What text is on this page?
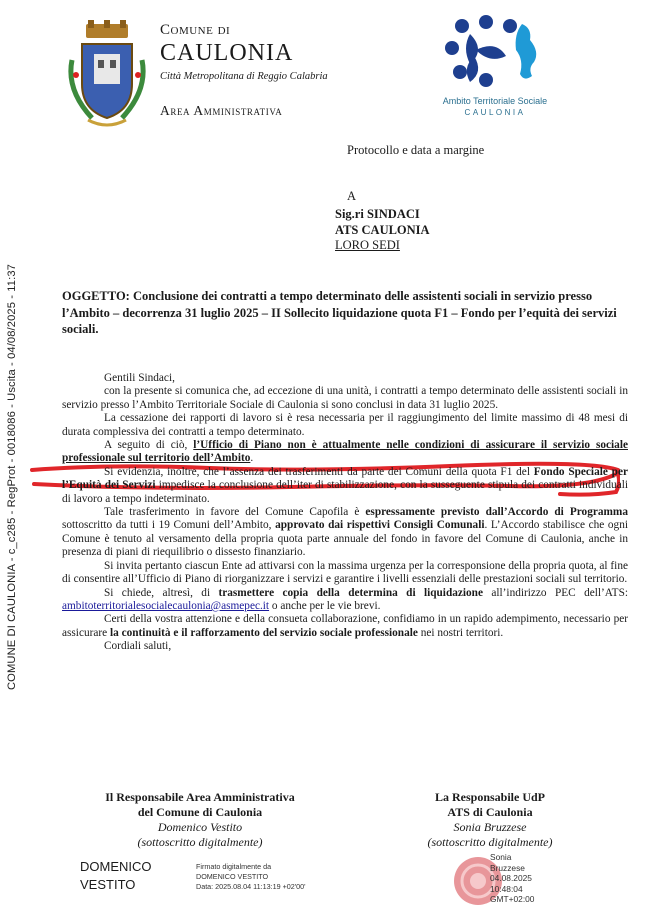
COMUNE DI CAULONIA - c_c285 - RegProt - 0018086 - Uscita - 04/08/2025 - 11:37
Comune di
CAULONIA
Città Metropolitana di Reggio Calabria
Area Amministrativa
Ambito Territoriale Sociale
CAULONIA
Protocollo e data a margine
A
Sig.ri SINDACI
ATS CAULONIA
LORO SEDI
OGGETTO: Conclusione dei contratti a tempo determinato delle assistenti sociali in servizio presso l’Ambito – decorrenza 31 luglio 2025 – II Sollecito liquidazione quota F1 – Fondo per l’equità dei servizi sociali.

Gentili Sindaci,

con la presente si comunica che, ad eccezione di una unità, i contratti a tempo determinato delle assistenti sociali in servizio presso l’Ambito Territoriale Sociale di Caulonia si sono conclusi in data 31 luglio 2025.

La cessazione dei rapporti di lavoro si è resa necessaria per il raggiungimento del limite massimo di 48 mesi di durata complessiva dei contratti a tempo determinato.

A seguito di ciò, l’Ufficio di Piano non è attualmente nelle condizioni di assicurare il servizio sociale professionale sul territorio dell’Ambito.

Si evidenzia, inoltre, che l’assenza dei trasferimenti da parte dei Comuni della quota F1 del Fondo Speciale per l’Equità dei Servizi impedisce la conclusione dell’iter di stabilizzazione, con la susseguente stipula dei contratti individuali di lavoro a tempo indeterminato.

Tale trasferimento in favore del Comune Capofila è espressamente previsto dall’Accordo di Programma sottoscritto da tutti i 19 Comuni dell’Ambito, approvato dai rispettivi Consigli Comunali. L’Accordo stabilisce che ogni Comune è tenuto al versamento della propria quota parte annuale del fondo in favore del Comune di Caulonia, anche in presenza di piani di riequilibrio o dissesto finanziario.

Si invita pertanto ciascun Ente ad attivarsi con la massima urgenza per la corresponsione della propria quota, al fine di consentire all’Ufficio di Piano di riorganizzare i servizi e garantire i livelli essenziali delle prestazioni sociali sul territorio.

Si chiede, altresì, di trasmettere copia della determina di liquidazione all’indirizzo PEC dell’ATS: ambitoterritorialesocialecaulonia@asmepec.it o anche per le vie brevi.

Certi della vostra attenzione e della consueta collaborazione, confidiamo in un rapido adempimento, necessario per assicurare la continuità e il rafforzamento del servizio sociale professionale nei nostri territori.

Cordiali saluti,

Il Responsabile Area Amministrativa
del Comune di Caulonia
Domenico Vestito
(sottoscritto digitalmente)
La Responsabile UdP
ATS di Caulonia
Sonia Bruzzese
(sottoscritto digitalmente)
DOMENICO
VESTITO
Firmato digitalmente da
DOMENICO VESTITO
Data: 2025.08.04 11:13:19 +02'00'
Sonia
Bruzzese
04.08.2025
10:48:04
GMT+02:00
